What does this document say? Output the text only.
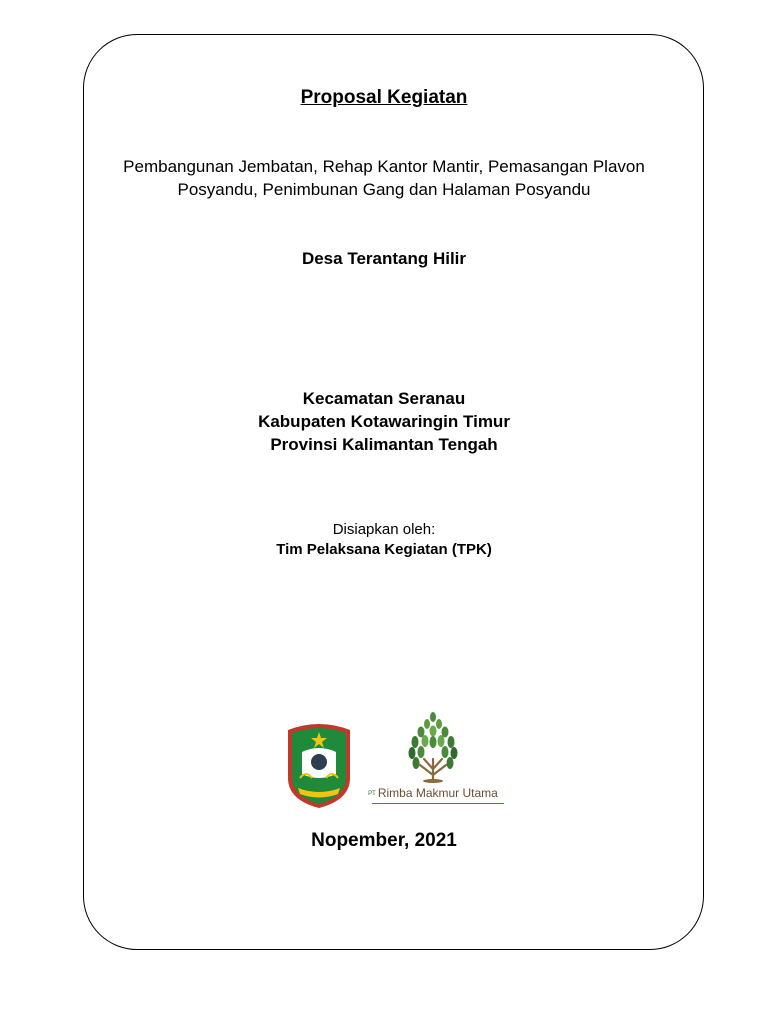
Proposal Kegiatan
Pembangunan Jembatan, Rehap Kantor Mantir, Pemasangan Plavon
Posyandu, Penimbunan Gang dan Halaman Posyandu
Desa Terantang Hilir
Kecamatan Seranau
Kabupaten Kotawaringin Timur
Provinsi Kalimantan Tengah
Disiapkan oleh:
Tim Pelaksana Kegiatan (TPK)
PT Rimba Makmur Utama
Nopember, 2021
